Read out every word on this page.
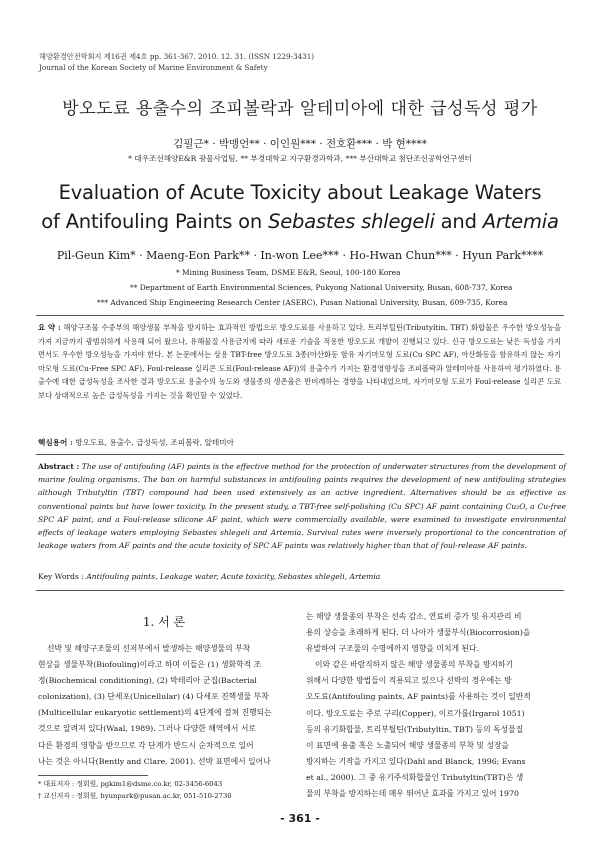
해양환경안전학회지 제16권 제4호 pp. 361-367, 2010. 12. 31. (ISSN 1229-3431)
Journal of the Korean Society of Marine Environment & Safety
방오도료 용출수의 조피볼락과 알테미아에 대한 급성독성 평가
김필근* · 박맹언** · 이인원*** · 전호환*** · 박 현****
* 대우조선해양E&R 광물사업팀, ** 부경대학교 지구환경과학과, *** 부산대학교 첨단조선공학연구센터
Evaluation of Acute Toxicity about Leakage Waters
of Antifouling Paints on Sebastes shlegeli and Artemia
Pil-Geun Kim* · Maeng-Eon Park** · In-won Lee*** · Ho-Hwan Chun*** · Hyun Park****
* Mining Business Team, DSME E&R, Seoul, 100-180 Korea
** Department of Earth Environmental Sciences, Pukyong National University, Busan, 608-737, Korea
*** Advanced Ship Engineering Research Center (ASERC), Pusan National University, Busan, 609-735, Korea
요 약 : 해양구조물 수중부의 해양생물 부착을 방지하는 효과적인 방법으로 방오도료를 사용하고 있다. 트리부틸틴(Tributyltin, TBT) 화합물은 우수한 방오성능을 가져 지금까지 광범위하게 사용해 되어 왔으나, 유해물질 사용금지에 따라 새로운 기술을 적용한 방오도료 개발이 진행되고 있다. 신규 방오도료는 낮은 독성을 가지면서도 우수한 방오성능을 가져야 한다. 본 논문에서는 상용 TBT-free 방오도료 3종(아산화동 함유 자기마모형 도료(Cu SPC AF), 아산화동을 함유하지 않는 자기마모형 도료(Cu-Free SPC AF), Foul-release 실리콘 도료(Foul-release AF))의 용출수가 가지는 환경영향성을 조피볼락과 알테미아를 사용하여 평가하였다. 용출수에 대한 급성독성을 조사한 결과 방오도료 용출수의 농도와 생물종의 생존율은 반비례하는 경향을 나타내었으며, 자기마모형 도료가 Foul-release 실리콘 도료보다 상대적으로 높은 급성독성을 가지는 것을 확인할 수 있었다.
핵심용어 : 방오도료, 용출수, 급성독성, 조피볼락, 알테미아
Abstract : The use of antifouling (AF) paints is the effective method for the protection of underwater structures from the development of marine fouling organisms. The ban on harmful substances in antifouling paints requires the development of new antifouling strategies although Tributyltin (TBT) compound had been used extensively as an active ingredient. Alternatives should be as effective as conventional paints but have lower toxicity. In the present study, a TBT-free self-polishing (Cu SPC) AF paint containing Cu₂O, a Cu-free SPC AF paint, and a Foul-release silicone AF paint, which were commercially available, were examined to investigate environmental effects of leakage waters employing Sebastes shlegeli and Artemia. Survival rates were inversely proportional to the concentration of leakage waters from AF paints and the acute toxicity of SPC AF paints was relatively higher than that of foul-release AF paints.
Key Words : Antifouling paints, Leakage water, Acute toxicity, Sebastes shlegeli, Artemia
1. 서 론
선박 및 해양구조물의 선저부에서 발생하는 해양생물의 부착
현상을 생물부착(Biofouling)이라고 하며 이들은 (1) 생화학적 조
정(Biochemical conditioning), (2) 박테리아 군집(Bacterial
colonization), (3) 단세포(Unicellular) (4) 다세포 진핵생물 부착
(Multicellular eukaryotic settlement)의 4단계에 걸쳐 진행되는
것으로 알려져 있다(Waal, 1989). 그러나 다양한 해역에서 서로
다른 환경의 영향을 받으므로 각 단계가 반드시 순차적으로 일어
나는 것은 아니다(Bently and Clare, 2001). 선박 표면에서 일어나
는 해양 생물종의 부착은 선속 감소, 연료비 증가 및 유지관리 비
용의 상승을 초래하게 된다. 더 나아가 생물부식(Biocorrosion)을
유발하여 구조물의 수명에까지 영향을 미치게 된다.
이와 같은 바람직하지 않은 해양 생물종의 부착을 방지하기
위해서 다양한 방법들이 적용되고 있으나 선박의 경우에는 방
오도료(Antifouling paints, AF paints)를 사용하는 것이 일반적
이다. 방오도료는 주로 구리(Copper), 이르가롤(Irgarol 1051)
등의 유기화합물, 트리부틸틴(Tributyltin, TBT) 등의 독성물질
이 표면에 용출 혹은 노출되어 해양 생물종의 부착 및 성장을
방지하는 기작을 가지고 있다(Dahl and Blanck, 1996; Evans
et al., 2000). 그 중 유기주석화합물인 Tributyltin(TBT)은 생
물의 부착을 방지하는데 매우 뛰어난 효과를 가지고 있어 1970
* 대표저자 : 정회원, pgkim1@dsme.co.kr, 02-3456-6043
† 교신저자 : 정회원, hyunpark@pusan.ac.kr, 051-510-2730
- 361 -
